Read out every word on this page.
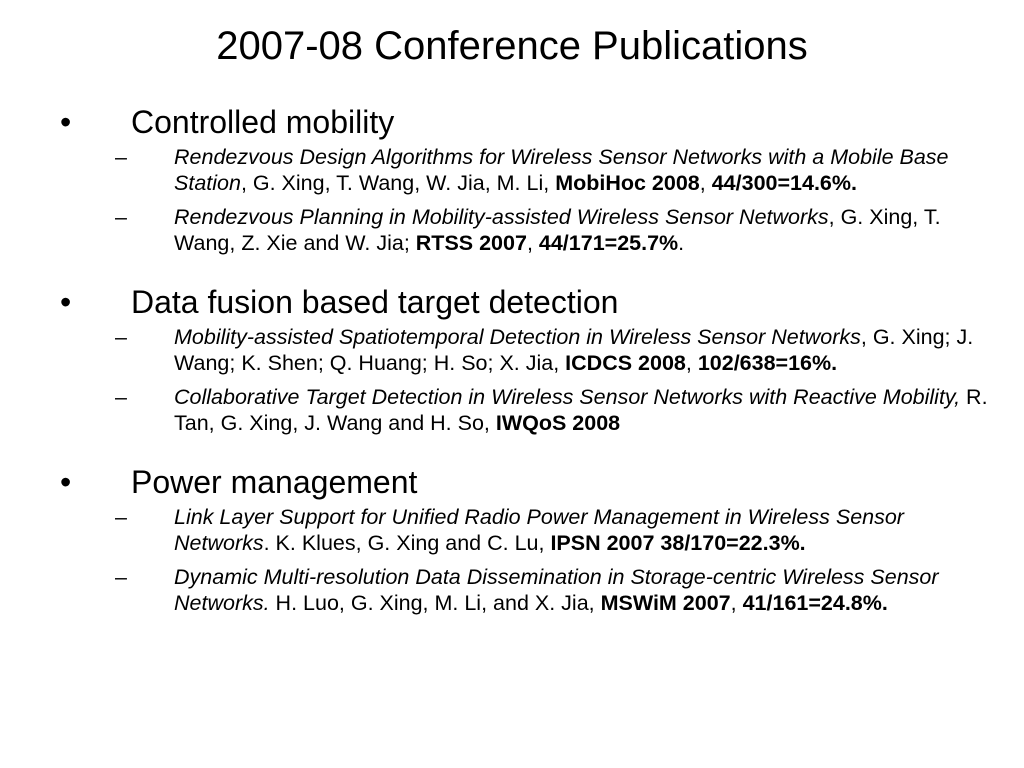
2007-08 Conference Publications
• Controlled mobility
– Rendezvous Design Algorithms for Wireless Sensor Networks with a Mobile Base Station, G. Xing, T. Wang, W. Jia, M. Li, MobiHoc 2008, 44/300=14.6%.
– Rendezvous Planning in Mobility-assisted Wireless Sensor Networks, G. Xing, T. Wang, Z. Xie and W. Jia; RTSS 2007, 44/171=25.7%.
• Data fusion based target detection
– Mobility-assisted Spatiotemporal Detection in Wireless Sensor Networks, G. Xing; J. Wang; K. Shen; Q. Huang; H. So; X. Jia, ICDCS 2008, 102/638=16%.
– Collaborative Target Detection in Wireless Sensor Networks with Reactive Mobility, R. Tan, G. Xing, J. Wang and H. So, IWQoS 2008
• Power management
– Link Layer Support for Unified Radio Power Management in Wireless Sensor Networks. K. Klues, G. Xing and C. Lu, IPSN 2007 38/170=22.3%.
– Dynamic Multi-resolution Data Dissemination in Storage-centric Wireless Sensor Networks. H. Luo, G. Xing, M. Li, and X. Jia, MSWiM 2007, 41/161=24.8%.
